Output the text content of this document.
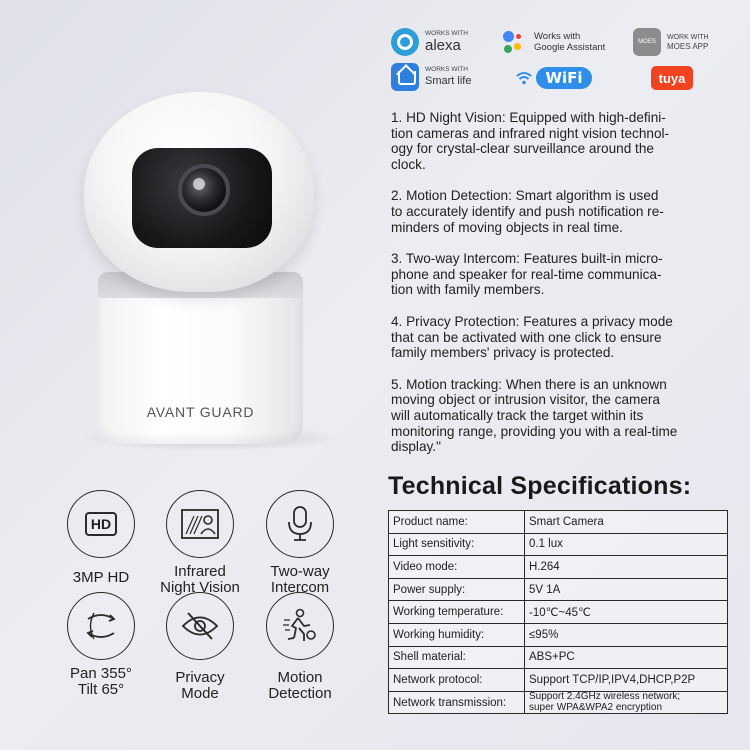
AVANT GUARD
WORKS WITH
alexa
Works with
Google Assistant	MOES
WORK WITH
MOES APP
WORKS WITH
Smart life	WiFi	tuya

1. HD Night Vision: Equipped with high-defini-
tion cameras and infrared night vision technol-
ogy for crystal-clear surveillance around the
clock.

2. Motion Detection: Smart algorithm is used
to accurately identify and push notification re-
minders of moving objects in real time.

3. Two-way Intercom: Features built-in micro-
phone and speaker for real-time communica-
tion with family members.

4. Privacy Protection: Features a privacy mode
that can be activated with one click to ensure
family members' privacy is protected.

5. Motion tracking: When there is an unknown
moving object or intrusion visitor, the camera
will automatically track the target within its
monitoring range, providing you with a real-time
display."

Technical Specifications:
Product name:	Smart Camera
Light sensitivity:	0.1 lux
Video mode:	H.264
Power supply:	5V 1A
Working temperature:	-10℃~45℃
Working humidity:	≤95%
Shell material:	ABS+PC
Network protocol:	Support TCP/IP,IPV4,DHCP,P2P
Network transmission:	Support 2.4GHz wireless network;
super WPA&WPA2 encryption
HD
3MP HD	Infrared
Night Vision
Two-way
Intercom
Pan 355°
Tilt 65°
Privacy
Mode
Motion
Detection
